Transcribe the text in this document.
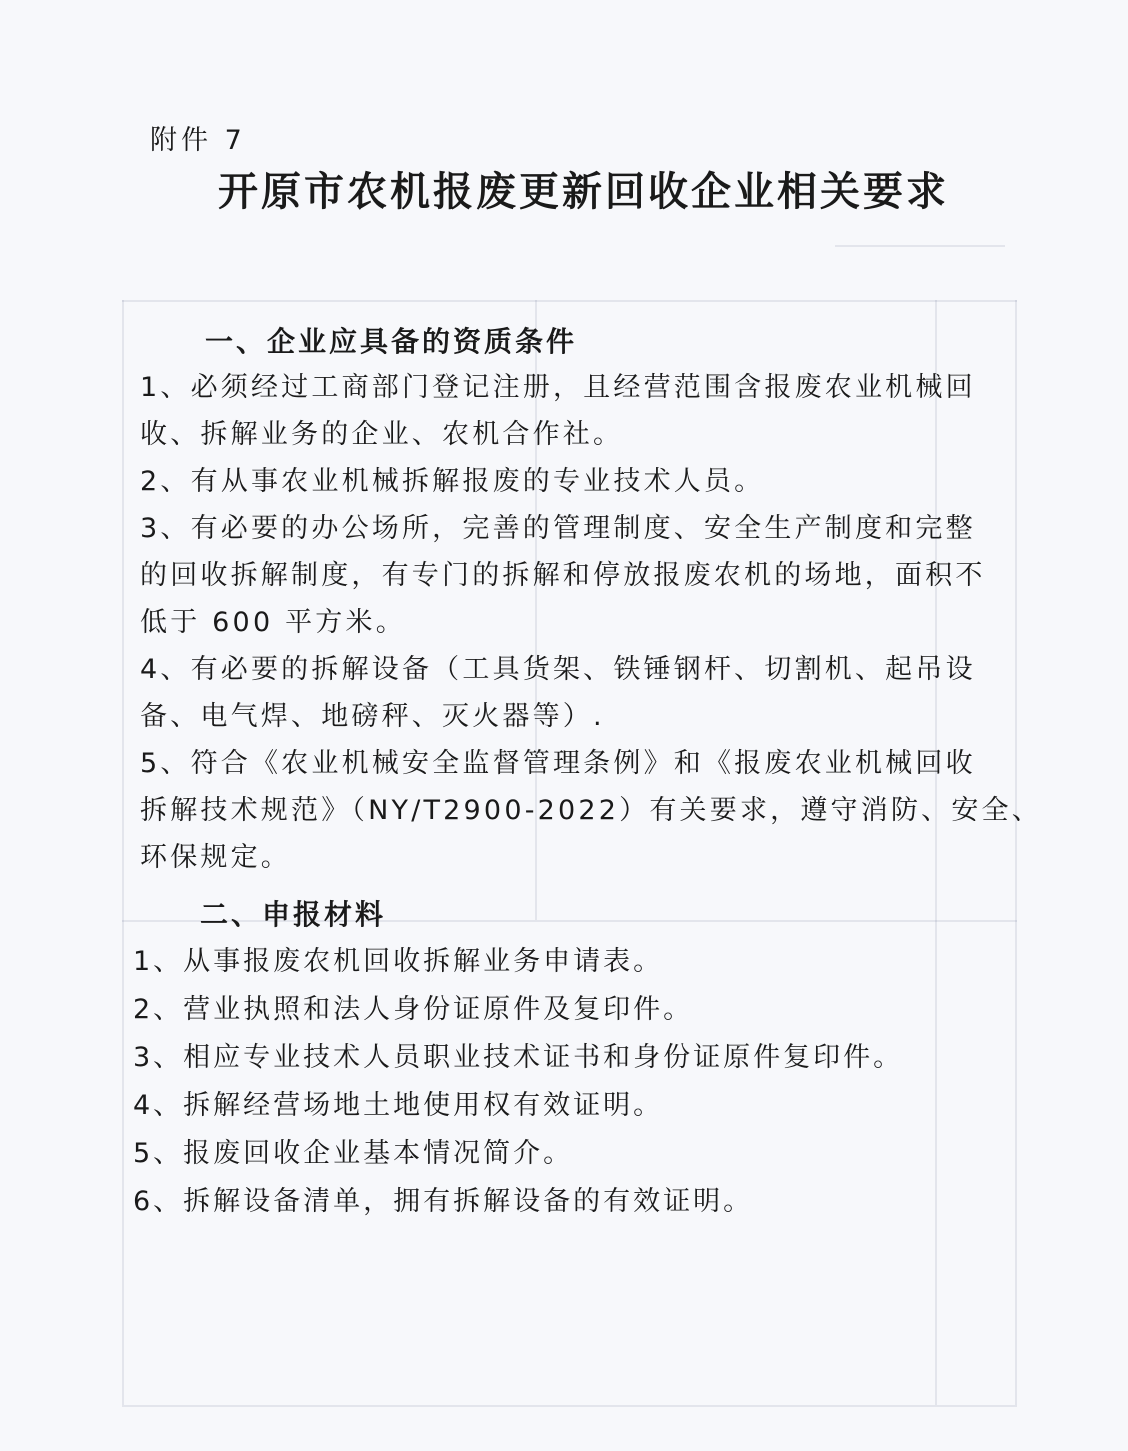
附件 7
开原市农机报废更新回收企业相关要求
一、企业应具备的资质条件
1、必须经过工商部门登记注册，且经营范围含报废农业机械回
收、拆解业务的企业、农机合作社。
2、有从事农业机械拆解报废的专业技术人员。
3、有必要的办公场所，完善的管理制度、安全生产制度和完整
的回收拆解制度，有专门的拆解和停放报废农机的场地，面积不
低于 600 平方米。
4、有必要的拆解设备（工具货架、铁锤钢杆、切割机、起吊设
备、电气焊、地磅秤、灭火器等）.
5、符合《农业机械安全监督管理条例》和《报废农业机械回收
拆解技术规范》（NY/T2900-2022）有关要求，遵守消防、安全、
环保规定。
二、申报材料
1、从事报废农机回收拆解业务申请表。
2、营业执照和法人身份证原件及复印件。
3、相应专业技术人员职业技术证书和身份证原件复印件。
4、拆解经营场地土地使用权有效证明。
5、报废回收企业基本情况简介。
6、拆解设备清单，拥有拆解设备的有效证明。
